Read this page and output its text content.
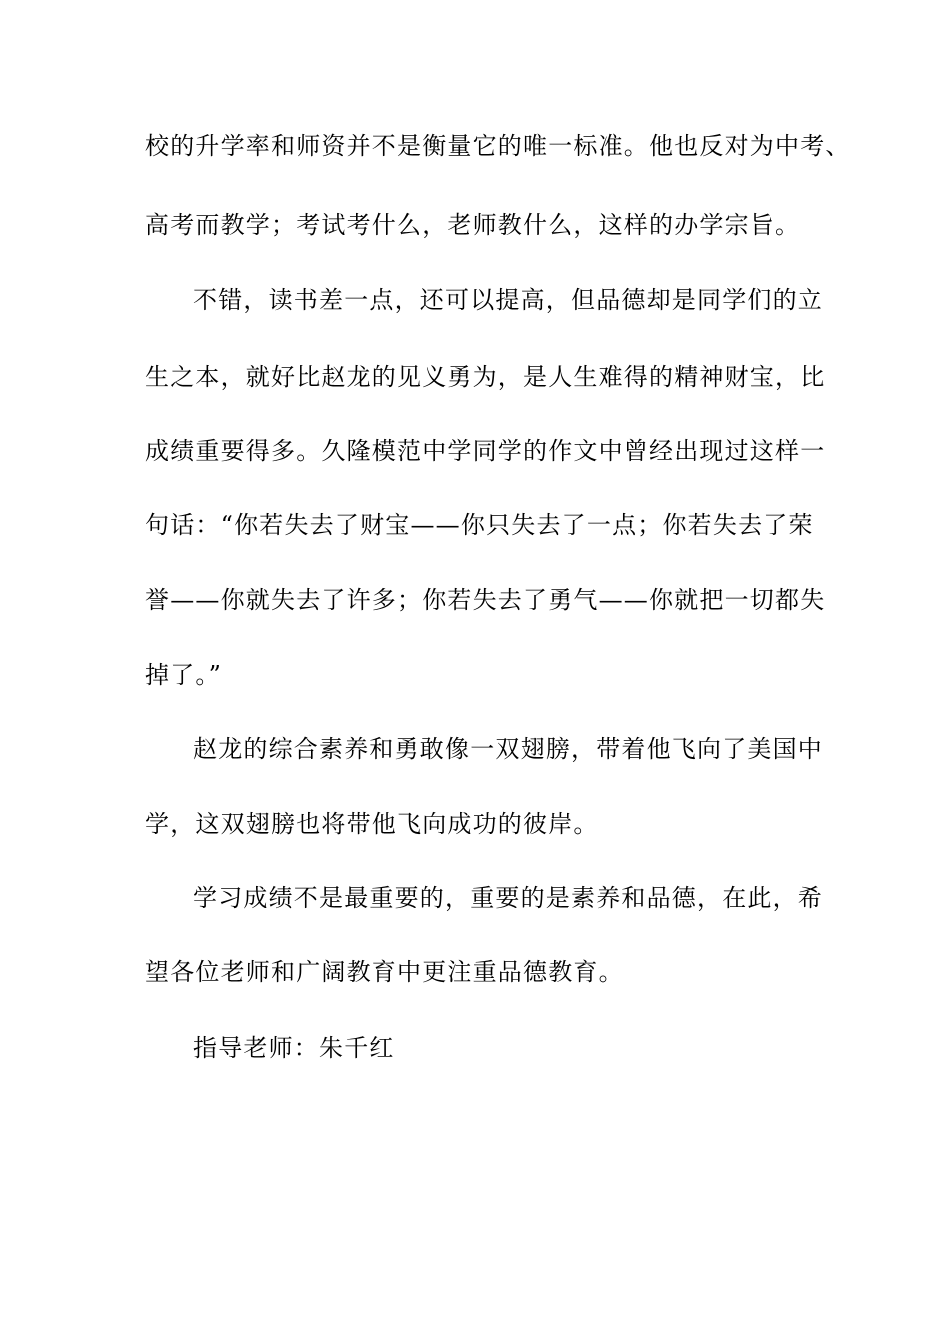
校的升学率和师资并不是衡量它的唯一标准。他也反对为中考、
高考而教学；考试考什么，老师教什么，这样的办学宗旨。
不错，读书差一点，还可以提高，但品德却是同学们的立
生之本，就好比赵龙的见义勇为，是人生难得的精神财宝，比
成绩重要得多。久隆模范中学同学的作文中曾经出现过这样一
句话：“你若失去了财宝——你只失去了一点；你若失去了荣
誉——你就失去了许多；你若失去了勇气——你就把一切都失
掉了。”
赵龙的综合素养和勇敢像一双翅膀，带着他飞向了美国中
学，这双翅膀也将带他飞向成功的彼岸。
学习成绩不是最重要的，重要的是素养和品德，在此，希
望各位老师和广阔教育中更注重品德教育。
指导老师：朱千红
